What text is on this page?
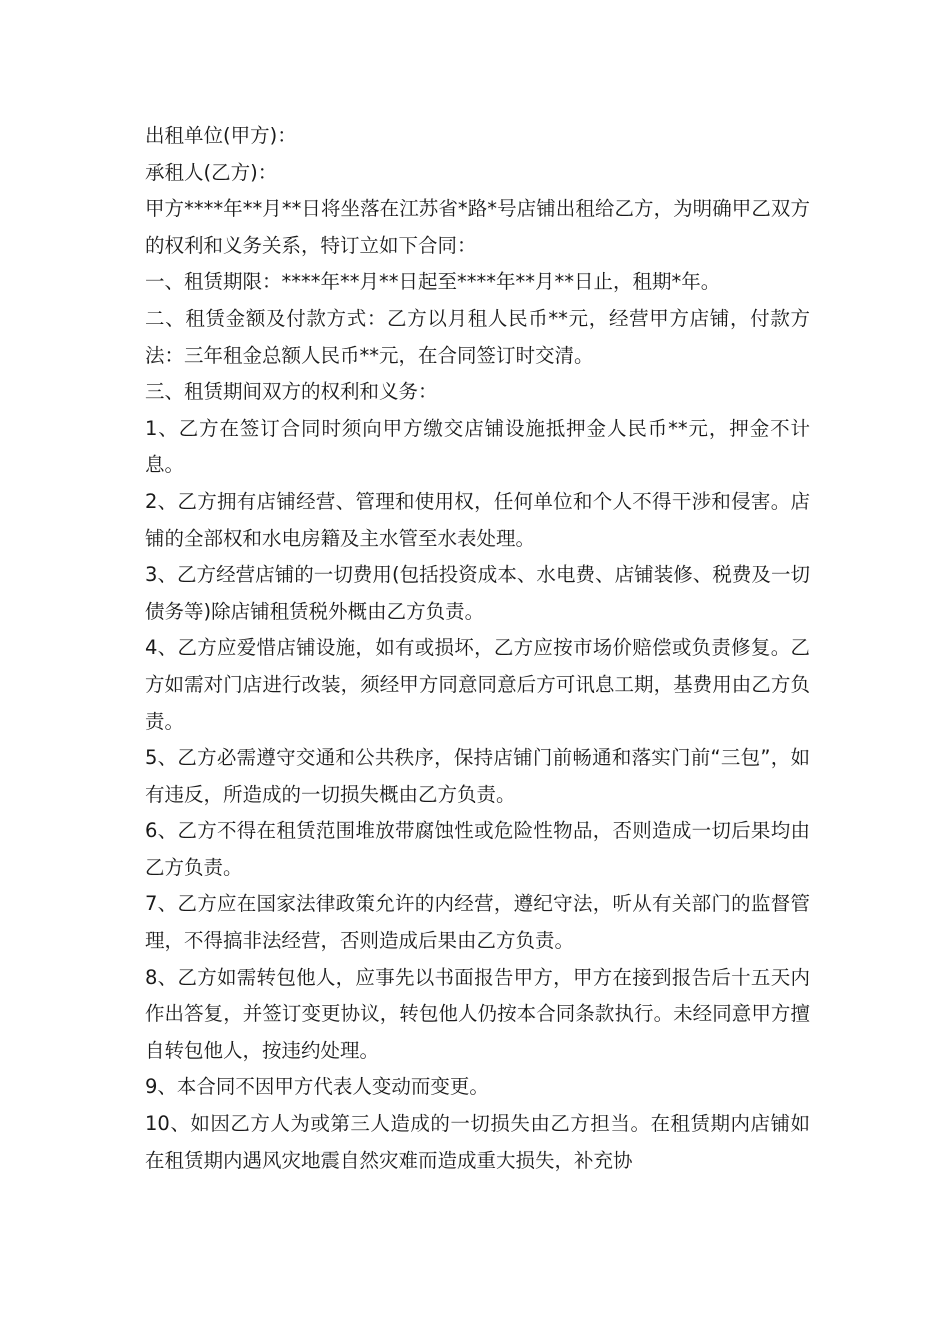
出租单位(甲方)：

承租人(乙方)：

甲方****年**月**日将坐落在江苏省*路*号店铺出租给乙方，为明确甲乙双方的权利和义务关系，特订立如下合同：

一、租赁期限：****年**月**日起至****年**月**日止，租期*年。

二、租赁金额及付款方式：乙方以月租人民币**元，经营甲方店铺，付款方法：三年租金总额人民币**元，在合同签订时交清。

三、租赁期间双方的权利和义务：

1、乙方在签订合同时须向甲方缴交店铺设施抵押金人民币**元，押金不计息。

2、乙方拥有店铺经营、管理和使用权，任何单位和个人不得干涉和侵害。店铺的全部权和水电房籍及主水管至水表处理。

3、乙方经营店铺的一切费用(包括投资成本、水电费、店铺装修、税费及一切债务等)除店铺租赁税外概由乙方负责。

4、乙方应爱惜店铺设施，如有或损坏，乙方应按市场价赔偿或负责修复。乙方如需对门店进行改装，须经甲方同意同意后方可讯息工期，基费用由乙方负责。

5、乙方必需遵守交通和公共秩序，保持店铺门前畅通和落实门前“三包”，如有违反，所造成的一切损失概由乙方负责。

6、乙方不得在租赁范围堆放带腐蚀性或危险性物品，否则造成一切后果均由乙方负责。

7、乙方应在国家法律政策允许的内经营，遵纪守法，听从有关部门的监督管理，不得搞非法经营，否则造成后果由乙方负责。

8、乙方如需转包他人，应事先以书面报告甲方，甲方在接到报告后十五天内作出答复，并签订变更协议，转包他人仍按本合同条款执行。未经同意甲方擅自转包他人，按违约处理。

9、本合同不因甲方代表人变动而变更。

10、如因乙方人为或第三人造成的一切损失由乙方担当。在租赁期内店铺如在租赁期内遇风灾地震自然灾难而造成重大损失，补充协
